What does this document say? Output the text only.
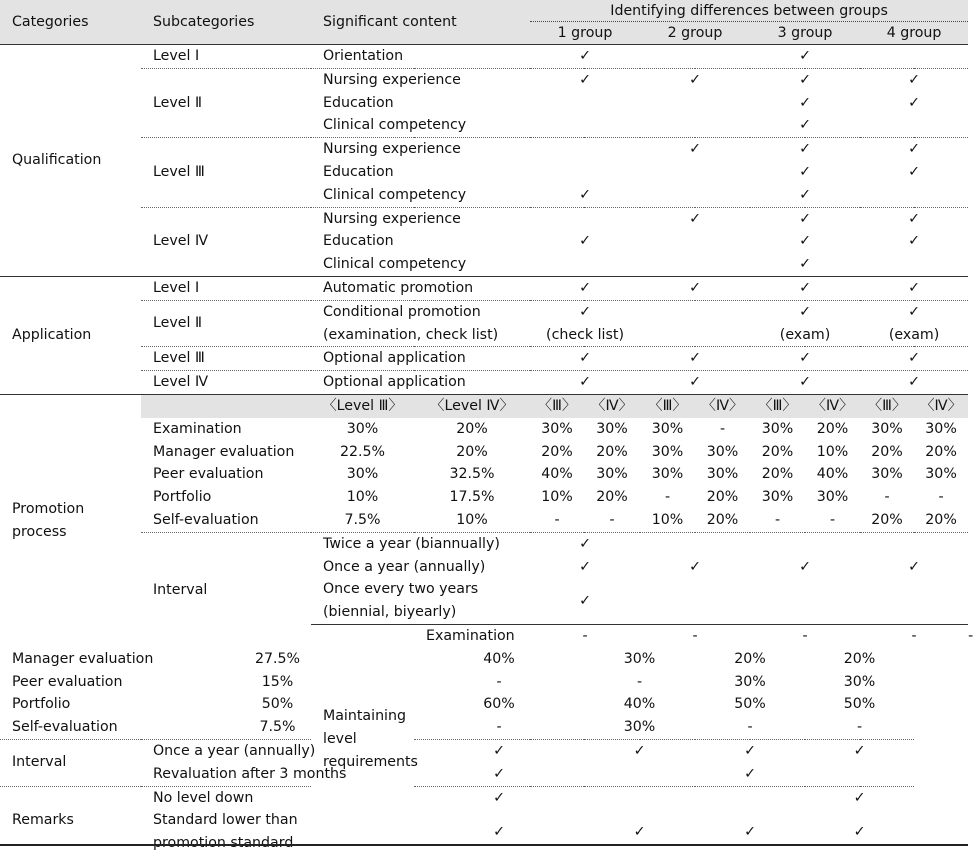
Categories	Subcategories	Significant content		Identifying differences between groups								

				1 group		2 group		3 group		4 group		
Qualification	Level Ⅰ	Orientation		✓				✓				
	Level Ⅱ	Nursing experience		✓		✓		✓		✓		
		Education						✓		✓		
		Clinical competency						✓				
	Level Ⅲ	Nursing experience				✓		✓		✓		
		Education						✓		✓		
		Clinical competency		✓				✓				
	Level Ⅳ	Nursing experience				✓		✓		✓		
		Education		✓				✓		✓		
		Clinical competency						✓				
Application	Level Ⅰ	Automatic promotion		✓		✓		✓		✓		
	Level Ⅱ	Conditional promotion		✓				✓		✓		
		(examination, check list)		(check list)				(exam)		(exam)		
	Level Ⅲ	Optional application		✓		✓		✓		✓		
	Level Ⅳ	Optional application		✓		✓		✓		✓		
Promotion
process		〈Level Ⅲ〉	〈Level Ⅳ〉	〈Ⅲ〉	〈Ⅳ〉	〈Ⅲ〉	〈Ⅳ〉	〈Ⅲ〉	〈Ⅳ〉	〈Ⅲ〉	〈Ⅳ〉	
	Examination	30%	20%	30%	30%	30%	-	30%	20%	30%	30%	
	Manager evaluation	22.5%	20%	20%	20%	30%	30%	20%	10%	20%	20%	
	Peer evaluation	30%	32.5%	40%	30%	30%	30%	20%	40%	30%	30%	
	Portfolio	10%	17.5%	10%	20%	-	20%	30%	30%	-	-	
	Self-evaluation	7.5%	10%	-	-	10%	20%	-	-	20%	20%	
	Interval	Twice a year (biannually)		✓								
		Once a year (annually)		✓		✓		✓		✓		
		Once every two years		✓								
		(biennial, biyearly)										
		Maintaining level
requirements	Examination	-		-		-		-		-
Manager evaluation	27.5%		40%		30%		20%		20%			
Peer evaluation	15%		-		-		30%		30%			
Portfolio	50%		60%		40%		50%		50%			
Self-evaluation	7.5%		-		30%		-		-			
Interval	Once a year (annually)		✓		✓		✓		✓			
	Revaluation after 3 months		✓				✓					
Remarks	No level down		✓						✓			
	Standard lower than		✓		✓		✓		✓			
	promotion standard											
